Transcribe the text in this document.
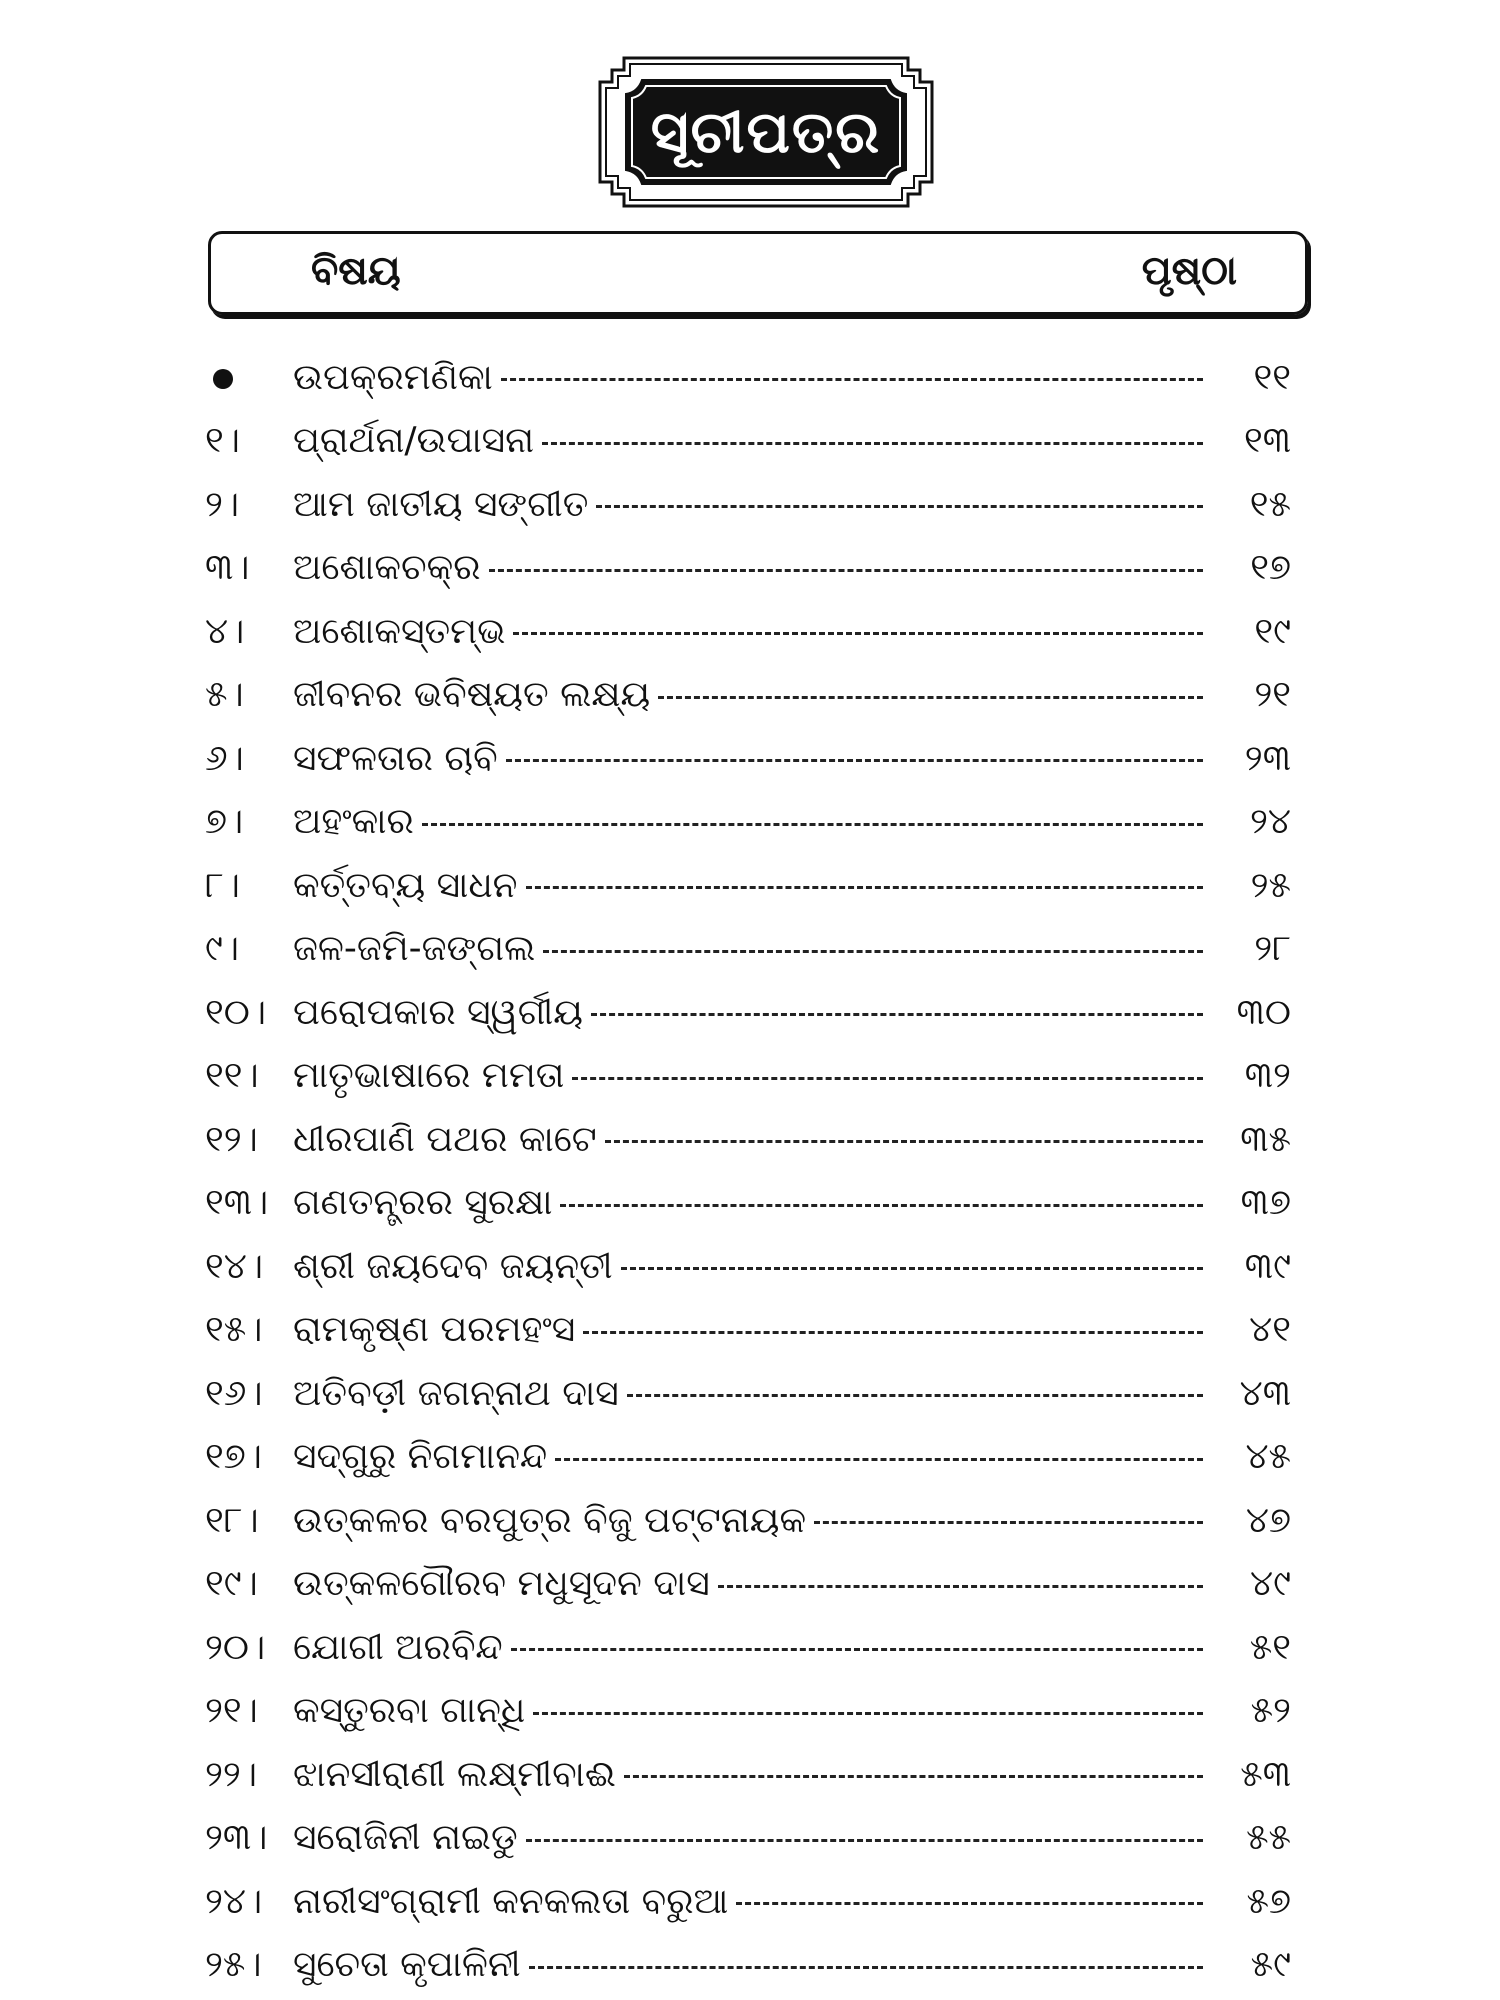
ସୂଚୀପତ୍ର
ବିଷୟ	ପୃଷ୍ଠା
ଉପକ୍ରମଣିକା	୧୧
୧।	ପ୍ରାର୍ଥନା/ଉପାସନା	୧୩
୨।	ଆମ ଜାତୀୟ ସଙ୍ଗୀତ	୧୫
୩।	ଅଶୋକଚକ୍ର	୧୭
୪।	ଅଶୋକସ୍ତମ୍ଭ	୧୯
୫।	ଜୀବନର ଭବିଷ୍ୟତ ଲକ୍ଷ୍ୟ	୨୧
୬।	ସଫଳତାର ଚାବି	୨୩
୭।	ଅହଂକାର	୨୪
୮।	କର୍ତ୍ତବ୍ୟ ସାଧନ	୨୫
୯।	ଜଳ-ଜମି-ଜଙ୍ଗଲ	୨୮
୧୦। ପରୋପକାର ସ୍ୱର୍ଗୀୟ	୩୦
୧୧। ମାତୃଭାଷାରେ ମମତା	୩୨
୧୨। ଧୀରପାଣି ପଥର କାଟେ	୩୫
୧୩। ଗଣତନ୍ତ୍ରର ସୁରକ୍ଷା	୩୭
୧୪। ଶ୍ରୀ ଜୟଦେବ ଜୟନ୍ତୀ	୩୯
୧୫। ରାମକୃଷ୍ଣ ପରମହଂସ	୪୧
୧୬। ଅତିବଡ଼ୀ ଜଗନ୍ନାଥ ଦାସ	୪୩
୧୭। ସଦ୍‌ଗୁରୁ ନିଗମାନନ୍ଦ	୪୫
୧୮। ଉତ୍କଳର ବରପୁତ୍ର ବିଜୁ ପଟ୍ଟନାୟକ	୪୭
୧୯। ଉତ୍କଳଗୌରବ ମଧୁସୂଦନ ଦାସ	୪୯
୨୦। ଯୋଗୀ ଅରବିନ୍ଦ	୫୧
୨୧। କସ୍ତୁରବା ଗାନ୍ଧି	୫୨
୨୨। ଝାନସୀରାଣୀ ଲକ୍ଷ୍ମୀବାଈ	୫୩
୨୩। ସରୋଜିନୀ ନାଇଡୁ	୫୫
୨୪। ନାରୀସଂଗ୍ରାମୀ କନକଲତା ବରୁଆ	୫୭
୨୫। ସୁଚେତା କୃପାଳିନୀ	୫୯
